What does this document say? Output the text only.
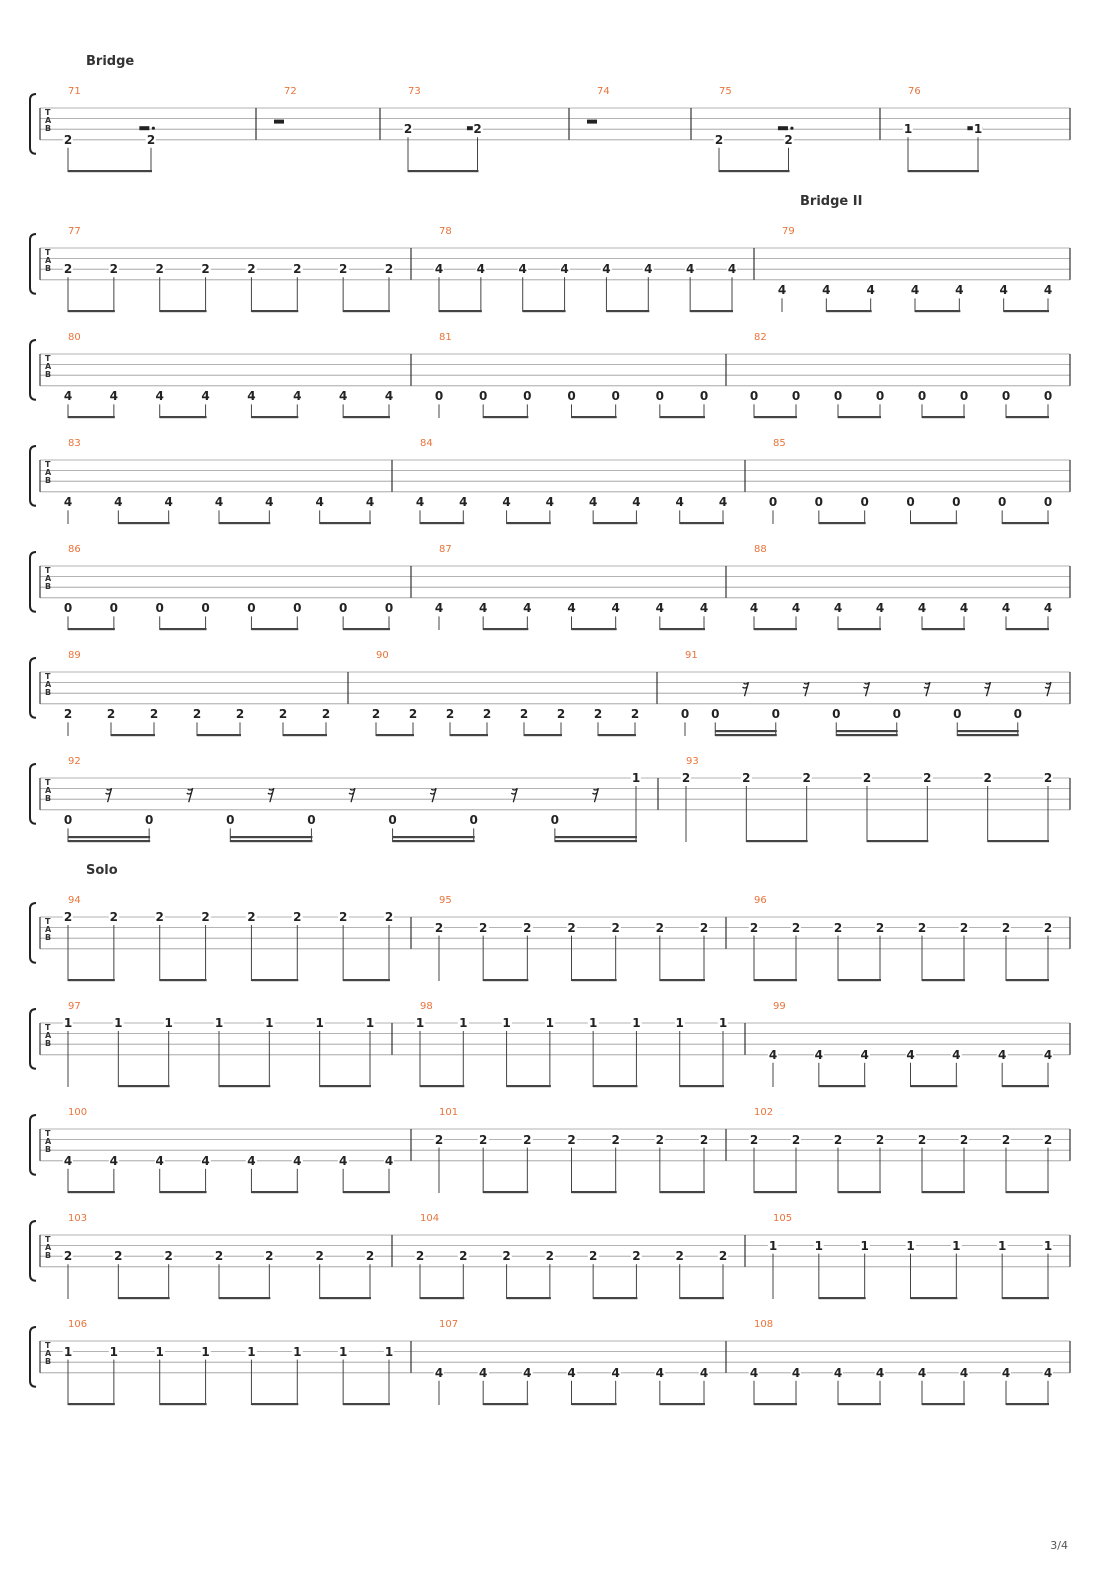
T
A
B
Bridge
71
2	2
72	73
2	2
74	75
2	2
76
1	1
T
A
B
Bridge II
77
2	2	2	2	2	2	2	2
78
4	4	4	4	4	4	4	4
79
4	4	4	4	4	4	4
T
A
B
80
4	4	4	4	4	4	4	4
81
0	0	0	0	0	0	0
82
0	0	0	0	0	0	0	0
T
A
B
83
4	4	4	4	4	4	4
84
4	4	4	4	4	4	4	4
85
0	0	0	0	0	0	0
T
A
B
86
0	0	0	0	0	0	0	0
87
4	4	4	4	4	4	4
88
4	4	4	4	4	4	4	4
T
A
B
89
2	2	2	2	2	2	2
90
2 2 2 2 2 2 2 2
91
0 0	0	0	0	0	0
T
A
B
92
0	0	0	0	0	0	0
1
93
2	2	2	2	2	2	2
T
A
B
Solo
94
2	2	2	2	2	2	2	2
95
2	2	2	2	2	2	2
96
2	2	2	2	2	2	2	2
T
A
B
97
1	1	1	1	1	1	1
98
1	1	1	1	1	1	1	1
99
4	4	4	4	4	4	4
T
A
B
100
4	4	4	4	4	4	4	4
101
2	2	2	2	2	2	2
102
2	2	2	2	2	2	2	2
T
A
B
103
2	2	2	2	2	2	2
104
2	2	2	2	2	2	2	2
105
1	1	1	1	1	1	1
T
A
B
106
1	1	1	1	1	1	1	1
107
4	4	4	4	4	4	4
108
4	4	4	4	4	4	4	4
3/4
